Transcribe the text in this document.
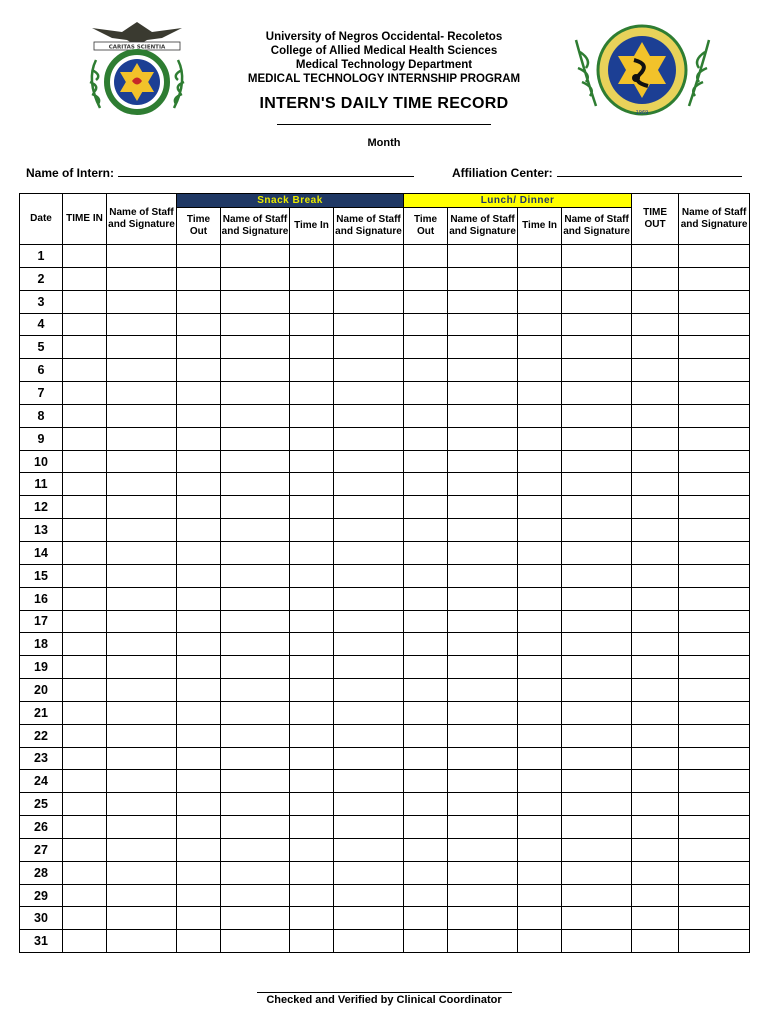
CARITAS SCIENTIA
1969
University of Negros Occidental- Recoletos
College of Allied Medical Health Sciences
Medical Technology Department
MEDICAL TECHNOLOGY INTERNSHIP PROGRAM
INTERN'S DAILY TIME RECORD
Month
Name of Intern:	Affiliation Center:
Date	TIME IN	Name of Staff and Signature	Snack Break				Lunch/ Dinner				TIME OUT	Name of Staff and Signature
			Time Out	Name of Staff and Signature	Time In	Name of Staff and Signature	Time Out	Name of Staff and Signature	Time In	Name of Staff and Signature		
1												
2												
3												
4												
5												
6												
7												
8												
9												
10												
11												
12												
13												
14												
15												
16												
17												
18												
19												
20												
21												
22												
23												
24												
25												
26												
27												
28												
29												
30												
31												
Checked and Verified by Clinical Coordinator
